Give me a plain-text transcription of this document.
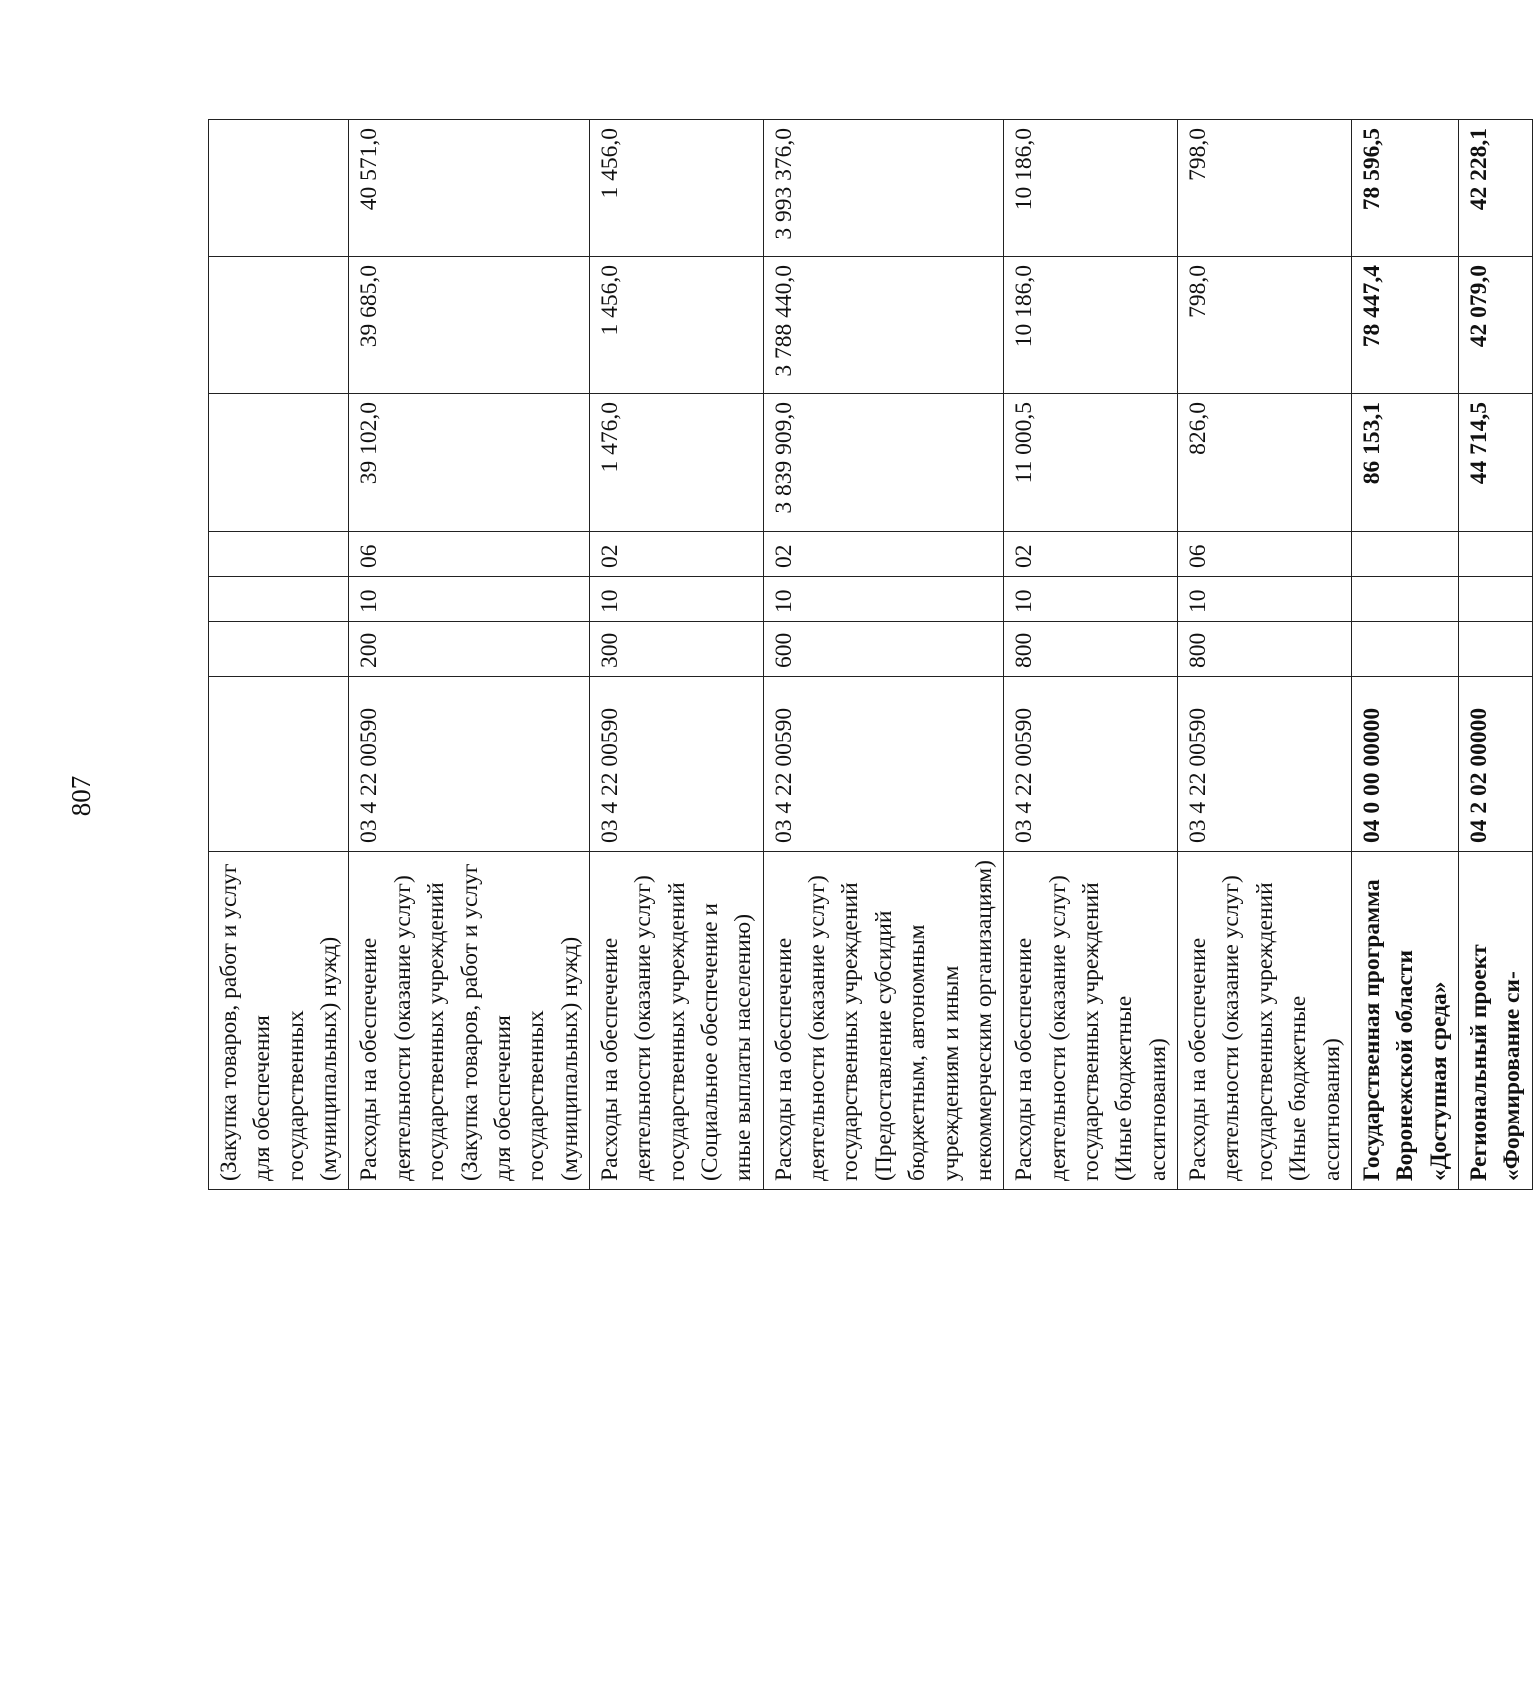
807
(Закупка товаров, работ и услуг для обеспечения государственных (муниципальных) нужд)							
Расходы на обеспечение деятельности (оказание услуг) государственных учреждений (Закупка товаров, работ и услуг для обеспечения государственных (муниципальных) нужд)	03 4 22 00590	200	10	06	39 102,0	39 685,0	40 571,0
Расходы на обеспечение деятельности (оказание услуг) государственных учреждений (Социальное обеспечение и иные выплаты населению)	03 4 22 00590	300	10	02	1 476,0	1 456,0	1 456,0
Расходы на обеспечение деятельности (оказание услуг) государственных учреждений (Предоставление субсидий бюджетным, автономным учреждениям и иным некоммерческим организациям)	03 4 22 00590	600	10	02	3 839 909,0	3 788 440,0	3 993 376,0
Расходы на обеспечение деятельности (оказание услуг) государственных учреждений (Иные бюджетные ассигнования)	03 4 22 00590	800	10	02	11 000,5	10 186,0	10 186,0
Расходы на обеспечение деятельности (оказание услуг) государственных учреждений (Иные бюджетные ассигнования)	03 4 22 00590	800	10	06	826,0	798,0	798,0
Государственная программа Воронежской области «Доступная среда»	04 0 00 00000				86 153,1	78 447,4	78 596,5
Региональный проект «Формирование си-	04 2 02 00000				44 714,5	42 079,0	42 228,1
